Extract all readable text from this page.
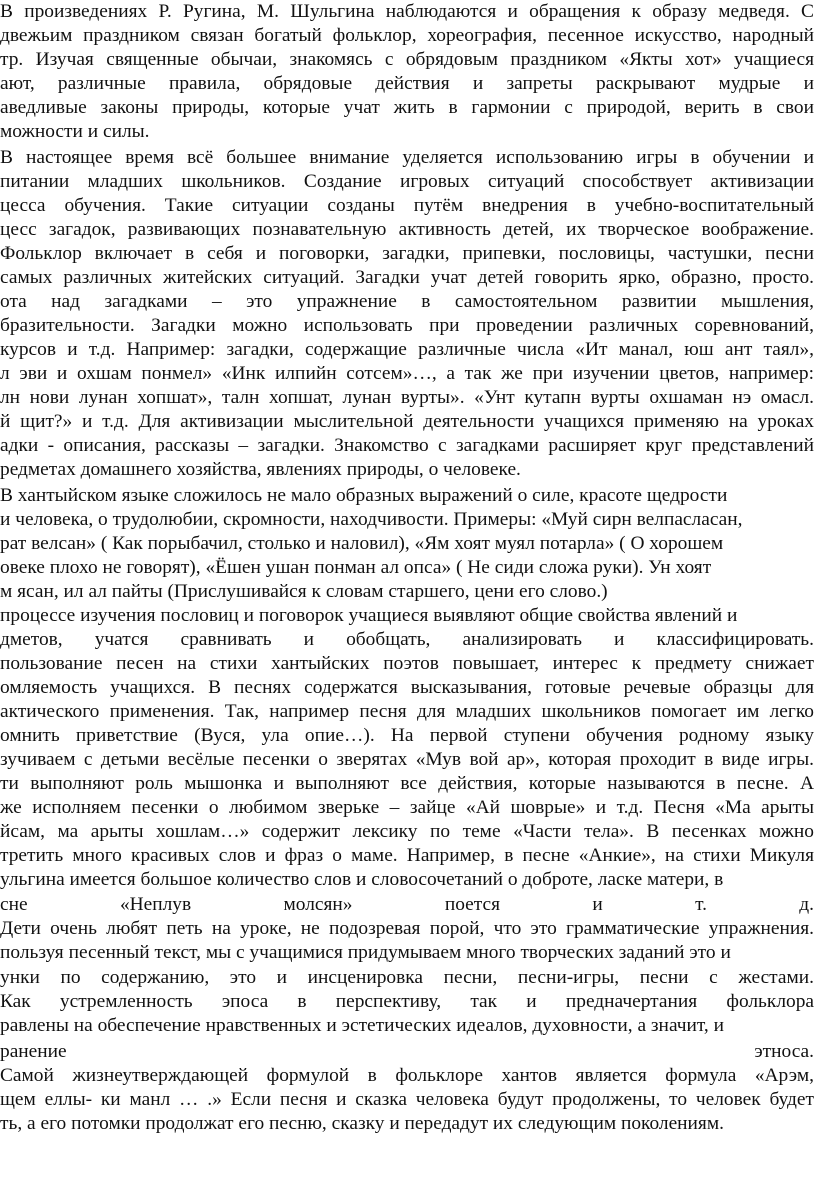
В произведениях Р. Ругина, М. Шульгина наблюдаются и обращения к образу медведя. С
двежьим праздником связан богатый фольклор, хореография, песенное искусство, народный
тр. Изучая священные обычаи, знакомясь с обрядовым праздником «Якты хот» учащиеся
ают, различные правила, обрядовые действия и запреты раскрывают мудрые и
аведливые законы природы, которые учат жить в гармонии с природой, верить в свои
можности и силы.
В настоящее время всё большее внимание уделяется использованию игры в обучении и
питании младших школьников. Создание игровых ситуаций способствует активизации
цесса обучения. Такие ситуации созданы путём внедрения в учебно-воспитательный
цесс загадок, развивающих познавательную активность детей, их творческое воображение.
Фольклор включает в себя и поговорки, загадки, припевки, пословицы, частушки, песни
самых различных житейских ситуаций. Загадки учат детей говорить ярко, образно, просто.
ота над загадками – это упражнение в самостоятельном развитии мышления,
бразительности. Загадки можно использовать при проведении различных соревнований,
курсов и т.д. Например: загадки, содержащие различные числа «Ит манал, юш ант таял»,
л эви и охшам понмел» «Инк илпийн сотсем»…, а так же при изучении цветов, например:
лн нови лунан хопшат», талн хопшат, лунан вурты». «Унт кутапн вурты охшаман нэ омасл.
й щит?» и т.д. Для активизации мыслительной деятельности учащихся применяю на уроках
адки - описания, рассказы – загадки. Знакомство с загадками расширяет круг представлений
редметах домашнего хозяйства, явлениях природы, о человеке.
В хантыйском языке сложилось не мало образных выражений о силе, красоте щедрости
и человека, о трудолюбии, скромности, находчивости. Примеры: «Муй сирн велпасласан,
рат велсан» ( Как порыбачил, столько и наловил), «Ям хоят муял потарла» ( О хорошем
овеке плохо не говорят), «Ёшен ушан понман ал опса» ( Не сиди сложа руки). Ун хоят
м ясан, ил ал пайты (Прислушивайся к словам старшего, цени его слово.)
процессе изучения пословиц и поговорок учащиеся выявляют общие свойства явлений и
дметов, учатся сравнивать и обобщать, анализировать и классифицировать.
пользование песен на стихи хантыйских поэтов повышает, интерес к предмету снижает
омляемость учащихся. В песнях содержатся высказывания, готовые речевые образцы для
актического применения. Так, например песня для младших школьников помогает им легко
омнить приветствие (Вуся, ула опие…). На первой ступени обучения родному языку
зучиваем с детьми весёлые песенки о зверятах «Мув вой ар», которая проходит в виде игры.
ти выполняют роль мышонка и выполняют все действия, которые называются в песне. А
же исполняем песенки о любимом зверьке – зайце «Ай шоврые» и т.д. Песня «Ма арыты
йсам, ма арыты хошлам…» содержит лексику по теме «Части тела». В песенках можно
третить много красивых слов и фраз о маме. Например, в песне «Анкие», на стихи Микуля
ульгина имеется большое количество слов и словосочетаний о доброте, ласке матери, в
сне «Неплув молсян» поется и т. д.
Дети очень любят петь на уроке, не подозревая порой, что это грамматические упражнения.
пользуя песенный текст, мы с учащимися придумываем много творческих заданий это и
унки по содержанию, это и инсценировка песни, песни-игры, песни с жестами.
Как устремленность эпоса в перспективу, так и предначертания фольклора
равлены на обеспечение нравственных и эстетических идеалов, духовности, а значит, и
ранение этноса.
Самой жизнеутверждающей формулой в фольклоре хантов является формула «Арэм,
щем еллы- ки манл … .» Если песня и сказка человека будут продолжены, то человек будет
ть, а его потомки продолжат его песню, сказку и передадут их следующим поколениям.
